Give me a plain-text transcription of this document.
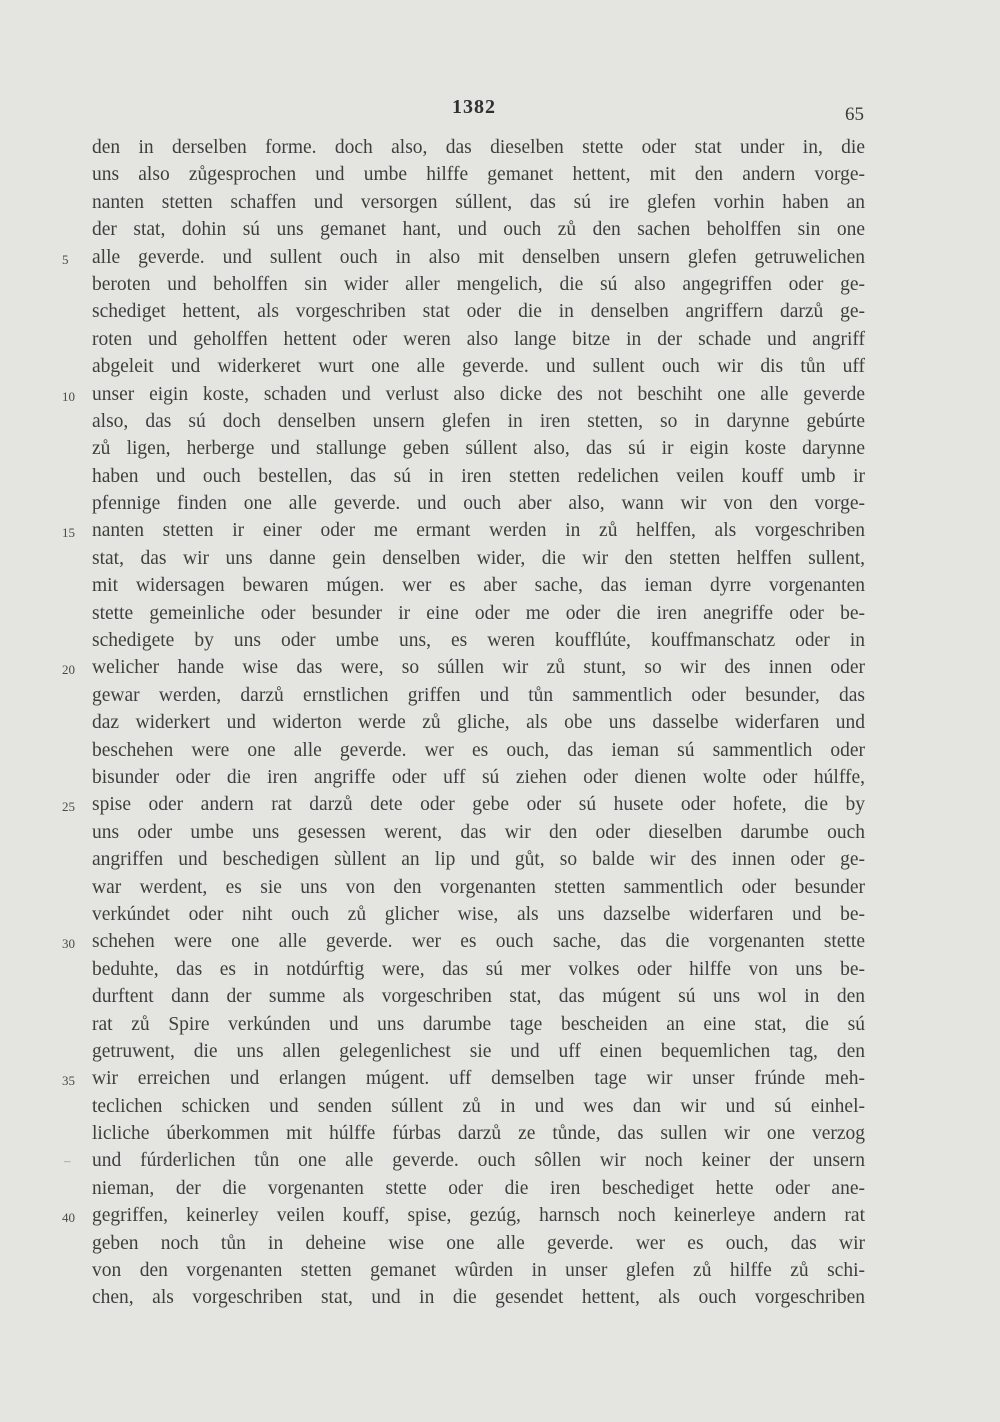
1382	65
den in derselben forme. doch also, das dieselben stette oder stat under in, die
uns also zůgesprochen und umbe hilffe gemanet hettent, mit den andern vorge-
nanten stetten schaffen und versorgen súllent, das sú ire glefen vorhin haben an
der stat, dohin sú uns gemanet hant, und ouch zů den sachen beholffen sin one
5	alle geverde. und sullent ouch in also mit denselben unsern glefen getruwelichen
beroten und beholffen sin wider aller mengelich, die sú also angegriffen oder ge-
schediget hettent, als vorgeschriben stat oder die in denselben angriffern darzů ge-
roten und geholffen hettent oder weren also lange bitze in der schade und angriff
abgeleit und widerkeret wurt one alle geverde. und sullent ouch wir dis tůn uff
10 unser eigin koste, schaden und verlust also dicke des not beschiht one alle geverde
also, das sú doch denselben unsern glefen in iren stetten, so in darynne gebúrte
zů ligen, herberge und stallunge geben súllent also, das sú ir eigin koste darynne
haben und ouch bestellen, das sú in iren stetten redelichen veilen kouff umb ir
pfennige finden one alle geverde. und ouch aber also, wann wir von den vorge-
15 nanten stetten ir einer oder me ermant werden in zů helffen, als vorgeschriben
stat, das wir uns danne gein denselben wider, die wir den stetten helffen sullent,
mit widersagen bewaren múgen. wer es aber sache, das ieman dyrre vorgenanten
stette gemeinliche oder besunder ir eine oder me oder die iren anegriffe oder be-
schedigete by uns oder umbe uns, es weren koufflúte, kouffmanschatz oder in
20 welicher hande wise das were, so súllen wir zů stunt, so wir des innen oder
gewar werden, darzů ernstlichen griffen und tůn sammentlich oder besunder, das
daz widerkert und widerton werde zů gliche, als obe uns dasselbe widerfaren und
beschehen were one alle geverde. wer es ouch, das ieman sú sammentlich oder
bisunder oder die iren angriffe oder uff sú ziehen oder dienen wolte oder húlffe,
25 spise oder andern rat darzů dete oder gebe oder sú husete oder hofete, die by
uns oder umbe uns gesessen werent, das wir den oder dieselben darumbe ouch
angriffen und beschedigen sùllent an lip und gůt, so balde wir des innen oder ge-
war werdent, es sie uns von den vorgenanten stetten sammentlich oder besunder
verkúndet oder niht ouch zů glicher wise, als uns dazselbe widerfaren und be-
30 schehen were one alle geverde. wer es ouch sache, das die vorgenanten stette
beduhte, das es in notdúrftig were, das sú mer volkes oder hilffe von uns be-
durftent dann der summe als vorgeschriben stat, das múgent sú uns wol in den
rat zů Spire verkúnden und uns darumbe tage bescheiden an eine stat, die sú
getruwent, die uns allen gelegenlichest sie und uff einen bequemlichen tag, den
35 wir erreichen und erlangen múgent. uff demselben tage wir unser frúnde meh-
teclichen schicken und senden súllent zů in und wes dan wir und sú einhel-
licliche úberkommen mit húlffe fúrbas darzů ze tůnde, das sullen wir one verzog
– und fúrderlichen tůn one alle geverde. ouch sôllen wir noch keiner der unsern
nieman, der die vorgenanten stette oder die iren beschediget hette oder ane-
40 gegriffen, keinerley veilen kouff, spise, gezúg, harnsch noch keinerleye andern rat
geben noch tůn in deheine wise one alle geverde. wer es ouch, das wir
von den vorgenanten stetten gemanet wûrden in unser glefen zů hilffe zů schi-
chen, als vorgeschriben stat, und in die gesendet hettent, als ouch vorgeschriben
